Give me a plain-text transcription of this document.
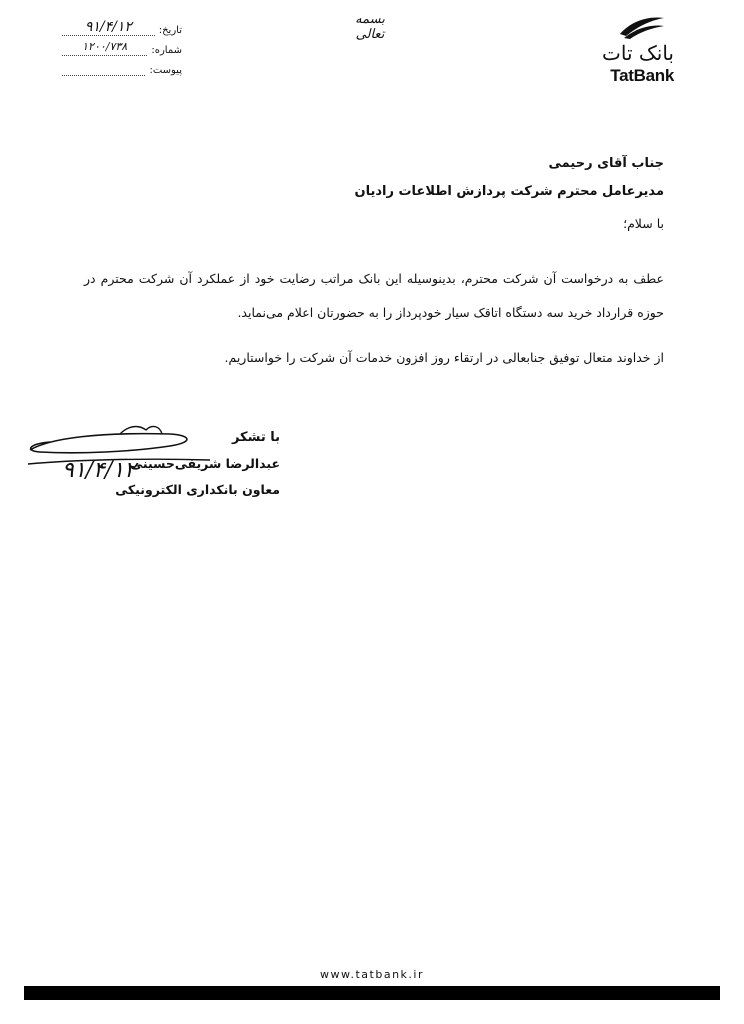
تاریخ:
۹۱/۴/۱۲
شماره:
۱۲۰۰/۷۳۸
پیوست:
بسمه تعالی
بانک تات
TatBank
جناب آقای رحیمی
مدیرعامل محترم شرکت پردازش اطلاعات رادیان
با سلام؛
عطف به درخواست آن شرکت محترم، بدینوسیله این بانک مراتب رضایت خود از عملکرد آن شرکت محترم در حوزه قرارداد خرید سه دستگاه اتاقک سیار خودپرداز را به حضورتان اعلام می‌نماید.
از خداوند متعال توفیق جنابعالی در ارتقاء روز افزون خدمات آن شرکت را خواستاریم.
با تشکر
عبدالرضا شریفی‌حسینی
معاون بانکداری الکترونیکی
۹۱/۴/۱۲
www.tatbank.ir
